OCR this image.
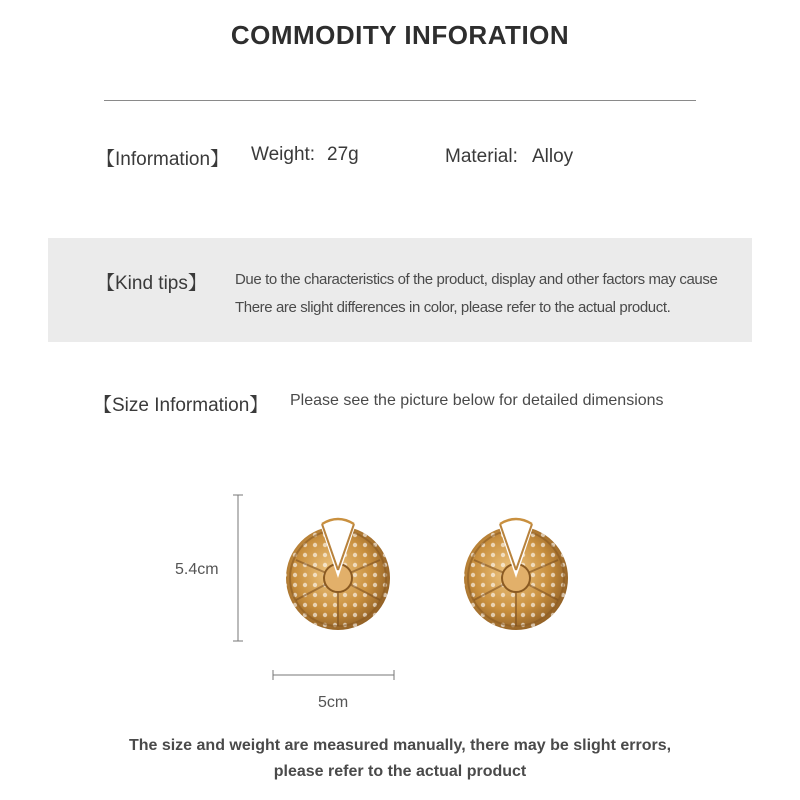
COMMODITY INFORATION
【Information】 Weight: 27g	Material: Alloy
【Kind tips】 Due to the characteristics of the product, display and other factors may cause
There are slight differences in color, please refer to the actual product.
【Size Information】 Please see the picture below for detailed dimensions
5.4cm
5cm
The size and weight are measured manually, there may be slight errors,
please refer to the actual product
